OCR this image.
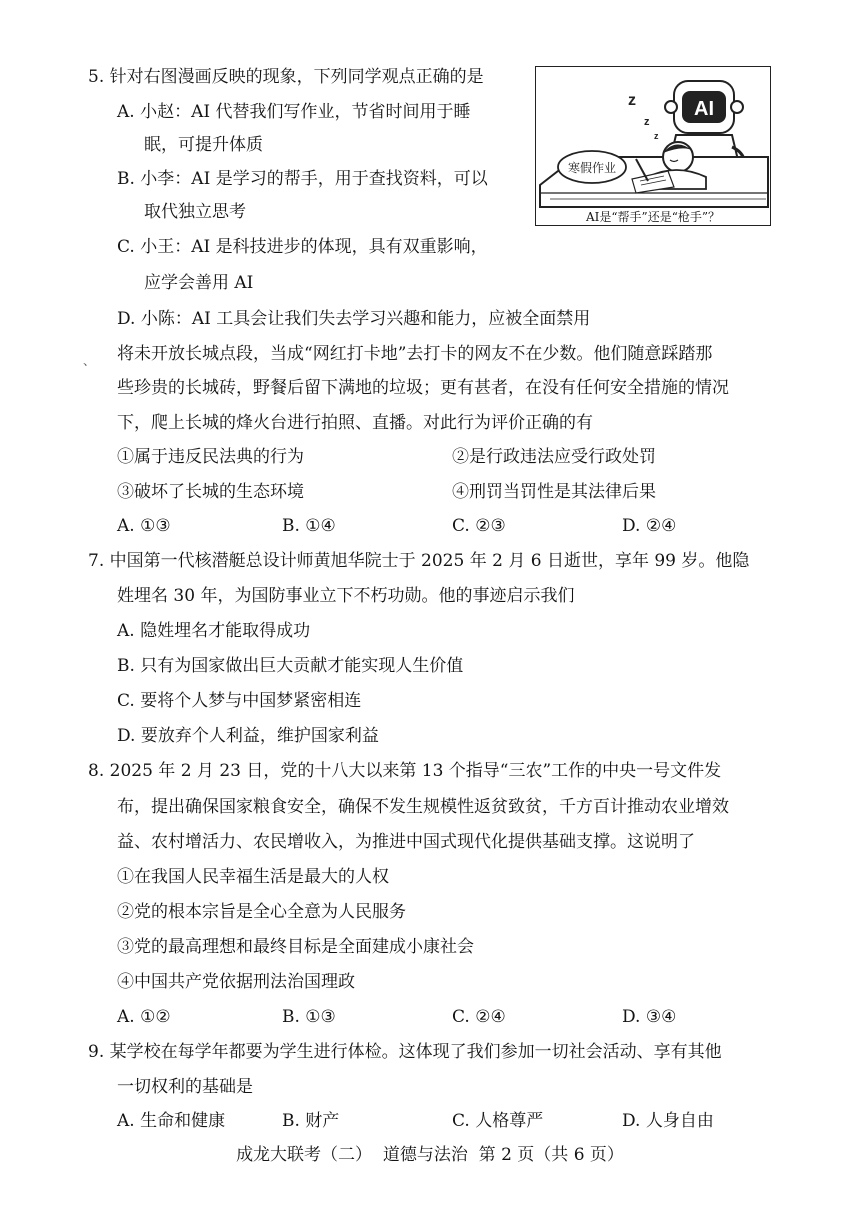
5. 针对右图漫画反映的现象，下列同学观点正确的是
A. 小赵：AI 代替我们写作业，节省时间用于睡
眠，可提升体质
B. 小李：AI 是学习的帮手，用于查找资料，可以
取代独立思考
C. 小王：AI 是科技进步的体现，具有双重影响，
应学会善用 AI
D. 小陈：AI 工具会让我们失去学习兴趣和能力，应被全面禁用
AI
z
z
z
寒假作业
AI是“帮手”还是“枪手”？
、 将未开放长城点段，当成“网红打卡地”去打卡的网友不在少数。他们随意踩踏那
些珍贵的长城砖，野餐后留下满地的垃圾；更有甚者，在没有任何安全措施的情况
下，爬上长城的烽火台进行拍照、直播。对此行为评价正确的有
①属于违反民法典的行为	②是行政违法应受行政处罚
③破坏了长城的生态环境	④刑罚当罚性是其法律后果
A. ①③	B. ①④	C. ②③	D. ②④
7. 中国第一代核潜艇总设计师黄旭华院士于 2025 年 2 月 6 日逝世，享年 99 岁。他隐
姓埋名 30 年，为国防事业立下不朽功勋。他的事迹启示我们
A. 隐姓埋名才能取得成功
B. 只有为国家做出巨大贡献才能实现人生价值
C. 要将个人梦与中国梦紧密相连
D. 要放弃个人利益，维护国家利益
8. 2025 年 2 月 23 日，党的十八大以来第 13 个指导“三农”工作的中央一号文件发
布，提出确保国家粮食安全，确保不发生规模性返贫致贫，千方百计推动农业增效
益、农村增活力、农民增收入，为推进中国式现代化提供基础支撑。这说明了
①在我国人民幸福生活是最大的人权
②党的根本宗旨是全心全意为人民服务
③党的最高理想和最终目标是全面建成小康社会
④中国共产党依据刑法治国理政
A. ①②	B. ①③	C. ②④	D. ③④
9. 某学校在每学年都要为学生进行体检。这体现了我们参加一切社会活动、享有其他
一切权利的基础是
A. 生命和健康	B. 财产	C. 人格尊严	D. 人身自由
成龙大联考（二）  道德与法治  第 2 页（共 6 页）
